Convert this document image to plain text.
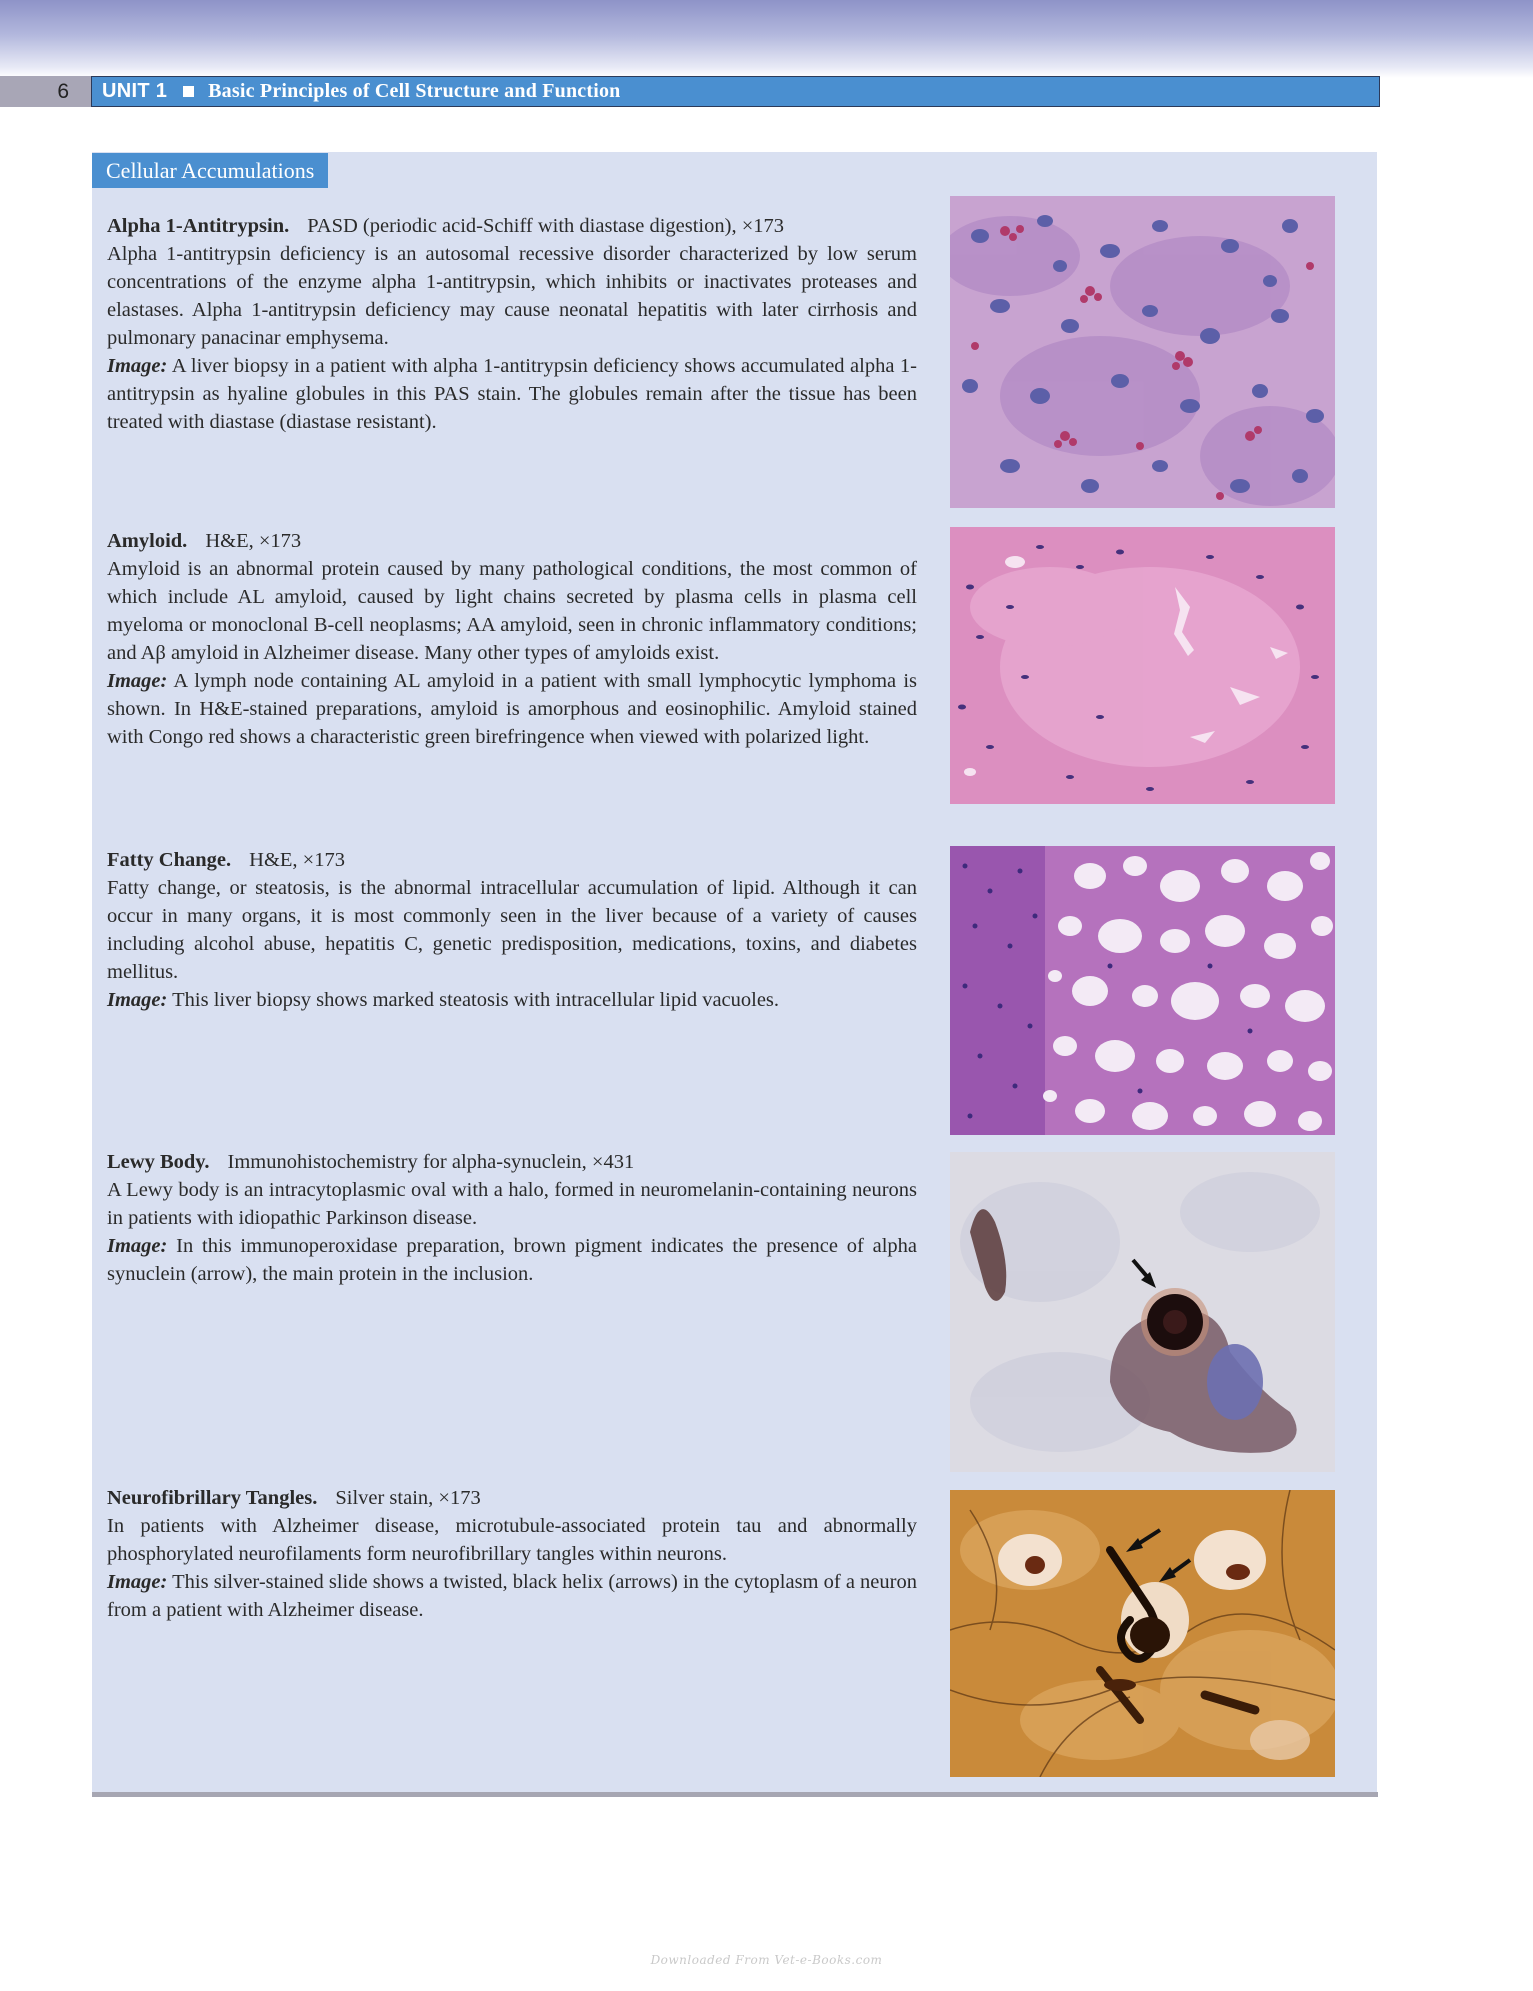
6	UNIT 1 Basic Principles of Cell Structure and Function
Cellular Accumulations

Alpha 1-Antitrypsin. PASD (periodic acid-Schiff with diastase digestion), ×173

Alpha 1-antitrypsin deficiency is an autosomal recessive disorder characterized by low serum concentrations of the enzyme alpha 1-antitrypsin, which inhibits or inactivates proteases and elastases. Alpha 1-antitrypsin deficiency may cause neonatal hepatitis with later cirrhosis and pulmonary panacinar emphysema.

Image: A liver biopsy in a patient with alpha 1-antitrypsin deficiency shows accumulated alpha 1-antitrypsin as hyaline globules in this PAS stain. The globules remain after the tissue has been treated with diastase (diastase resistant).

Amyloid. H&E, ×173

Amyloid is an abnormal protein caused by many pathological conditions, the most common of which include AL amyloid, caused by light chains secreted by plasma cells in plasma cell myeloma or monoclonal B-cell neoplasms; AA amyloid, seen in chronic inflammatory conditions; and Aβ amyloid in Alzheimer disease. Many other types of amyloids exist.

Image: A lymph node containing AL amyloid in a patient with small lymphocytic lymphoma is shown. In H&E-stained preparations, amyloid is amorphous and eosinophilic. Amyloid stained with Congo red shows a characteristic green birefringence when viewed with polarized light.

Fatty Change. H&E, ×173

Fatty change, or steatosis, is the abnormal intracellular accumulation of lipid. Although it can occur in many organs, it is most commonly seen in the liver because of a variety of causes including alcohol abuse, hepatitis C, genetic predisposition, medications, toxins, and diabetes mellitus.

Image: This liver biopsy shows marked steatosis with intracellular lipid vacuoles.

Lewy Body. Immunohistochemistry for alpha-synuclein, ×431

A Lewy body is an intracytoplasmic oval with a halo, formed in neuromelanin-containing neurons in patients with idiopathic Parkinson disease.

Image: In this immunoperoxidase preparation, brown pigment indicates the presence of alpha synuclein (arrow), the main protein in the inclusion.

Neurofibrillary Tangles. Silver stain, ×173

In patients with Alzheimer disease, microtubule-associated protein tau and abnormally phosphorylated neurofilaments form neurofibrillary tangles within neurons.

Image: This silver-stained slide shows a twisted, black helix (arrows) in the cytoplasm of a neuron from a patient with Alzheimer disease.

Downloaded From Vet-e-Books.com
